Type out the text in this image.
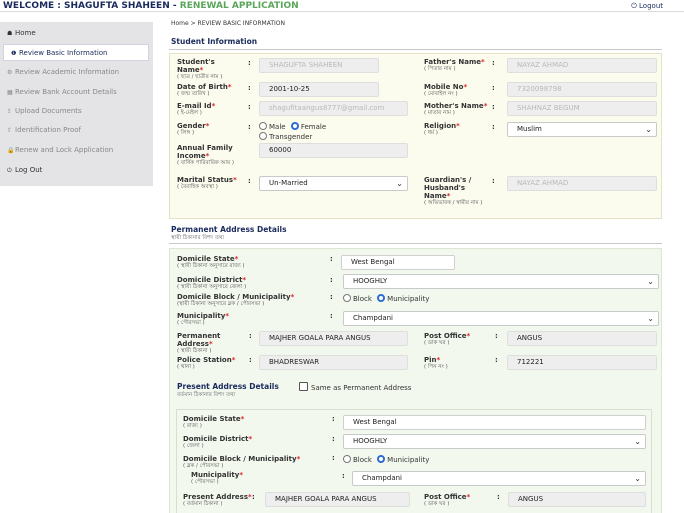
WELCOME : SHAGUFTA SHAHEEN - RENEWAL APPLICATION	⏻ Logout
☗ Home
❶ Review Basic Information
⚙ Review Academic Information
▦ Review Bank Account Details
⇪ Upload Documents
⇪ Identification Proof
🔒Renew and Lock Application
⏻ Log Out
Home > REVIEW BASIC INFORMATION
Student Information
Student's Name*
( ছাত্র / ছাত্রীর নাম )
:	SHAGUFTA SHAHEEN	Father's Name*
( পিতার নাম )
:	NAYAZ AHMAD
Date of Birth*
( জন্ম তারিখ )
:	2001-10-25	Mobile No*
( মোবাইল নং )
:	7320098798
E-mail Id*
( ই-মেইল )
:	shagufitaangus8777@gmail.com	Mother's Name*
( মাতার নাম )
:	SHAHNAZ BEGUM
Gender*
( লিঙ্গ )
:	Male Female
Transgender
Religion*
( ধর্ম )
:	Muslim	⌄
Annual Family Income*
( বার্ষিক পারিবারিক আয় )
60000
Marital Status*
( বৈবাহিক অবস্থা )
:	Un-Married	⌄	Guardian's / Husband's Name*
( অভিভাবক / স্বামীর নাম )
:	NAYAZ AHMAD
Permanent Address Details
স্থায়ী ঠিকানার বিশদ তথ্য
Domicile State*
( স্থায়ী ঠিকানা অনুসারে রাজ্য )
:	West Bengal
Domicile District*
( স্থায়ী ঠিকানা অনুসারে জেলা )
:	HOOGHLY	⌄
Domicile Block / Municipality*
(স্থায়ী ঠিকানা অনুসারে ব্লক / পৌরসভা )
:	Block Municipality
Municipality*
( পৌরসভা )
:	Champdani	⌄
Permanent Address*
( স্থায়ী ঠিকানা )
:	MAJHER GOALA PARA ANGUS	Post Office*
( ডাক ঘর )
:	ANGUS
Police Station*
( থানা )
:	BHADRESWAR	Pin*
( পিন নং )
:	712221
Present Address Details	Same as Permanent Address
বর্তমান ঠিকানার বিশদ তথ্য
Domicile State*
( রাজ্য )
:	West Bengal
Domicile District*
( জেলা )
:	HOOGHLY	⌄
Domicile Block / Municipality*
( ব্লক / পৌরসভা )
:	Block Municipality
Municipality*
( পৌরসভা )
:	Champdani	⌄
Present Address*
( বর্তমান ঠিকানা )
:	MAJHER GOALA PARA ANGUS	Post Office*
( ডাক ঘর )
:	ANGUS
